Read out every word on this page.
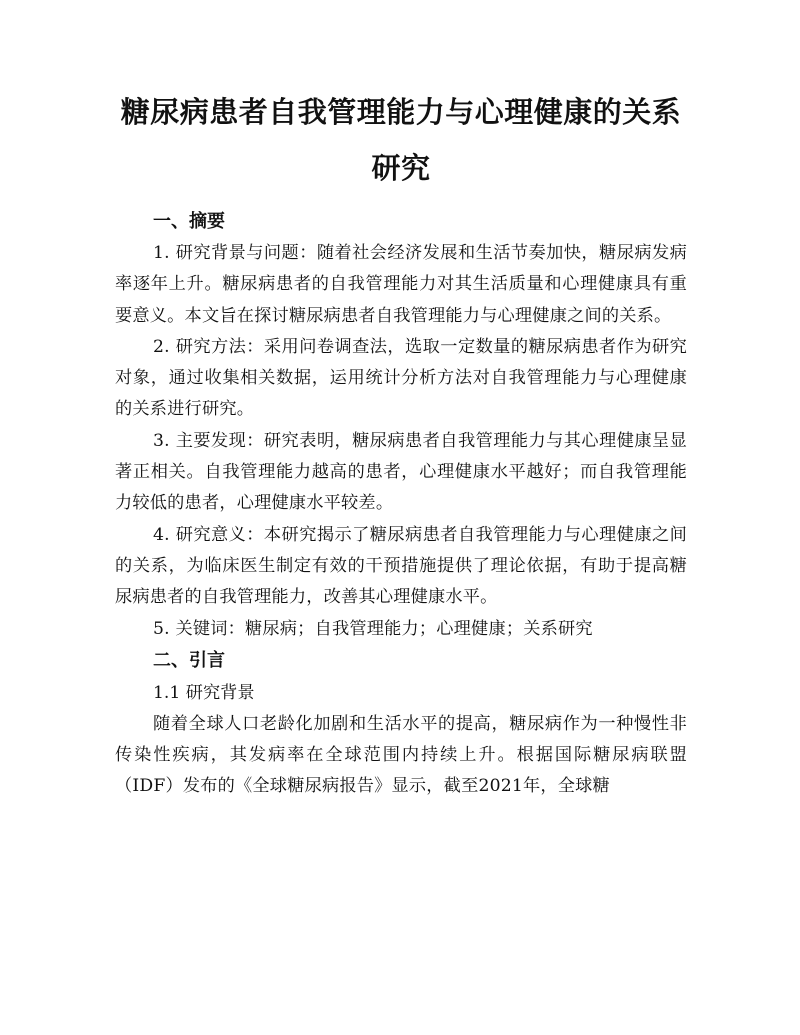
糖尿病患者自我管理能力与心理健康的关系研究
一、摘要

1. 研究背景与问题：随着社会经济发展和生活节奏加快，糖尿病发病率逐年上升。糖尿病患者的自我管理能力对其生活质量和心理健康具有重要意义。本文旨在探讨糖尿病患者自我管理能力与心理健康之间的关系。

2. 研究方法：采用问卷调查法，选取一定数量的糖尿病患者作为研究对象，通过收集相关数据，运用统计分析方法对自我管理能力与心理健康的关系进行研究。

3. 主要发现：研究表明，糖尿病患者自我管理能力与其心理健康呈显著正相关。自我管理能力越高的患者，心理健康水平越好；而自我管理能力较低的患者，心理健康水平较差。

4. 研究意义：本研究揭示了糖尿病患者自我管理能力与心理健康之间的关系，为临床医生制定有效的干预措施提供了理论依据，有助于提高糖尿病患者的自我管理能力，改善其心理健康水平。

5. 关键词：糖尿病；自我管理能力；心理健康；关系研究

二、引言
1.1 研究背景

随着全球人口老龄化加剧和生活水平的提高，糖尿病作为一种慢性非传染性疾病，其发病率在全球范围内持续上升。根据国际糖尿病联盟（IDF）发布的《全球糖尿病报告》显示，截至2021年，全球糖
